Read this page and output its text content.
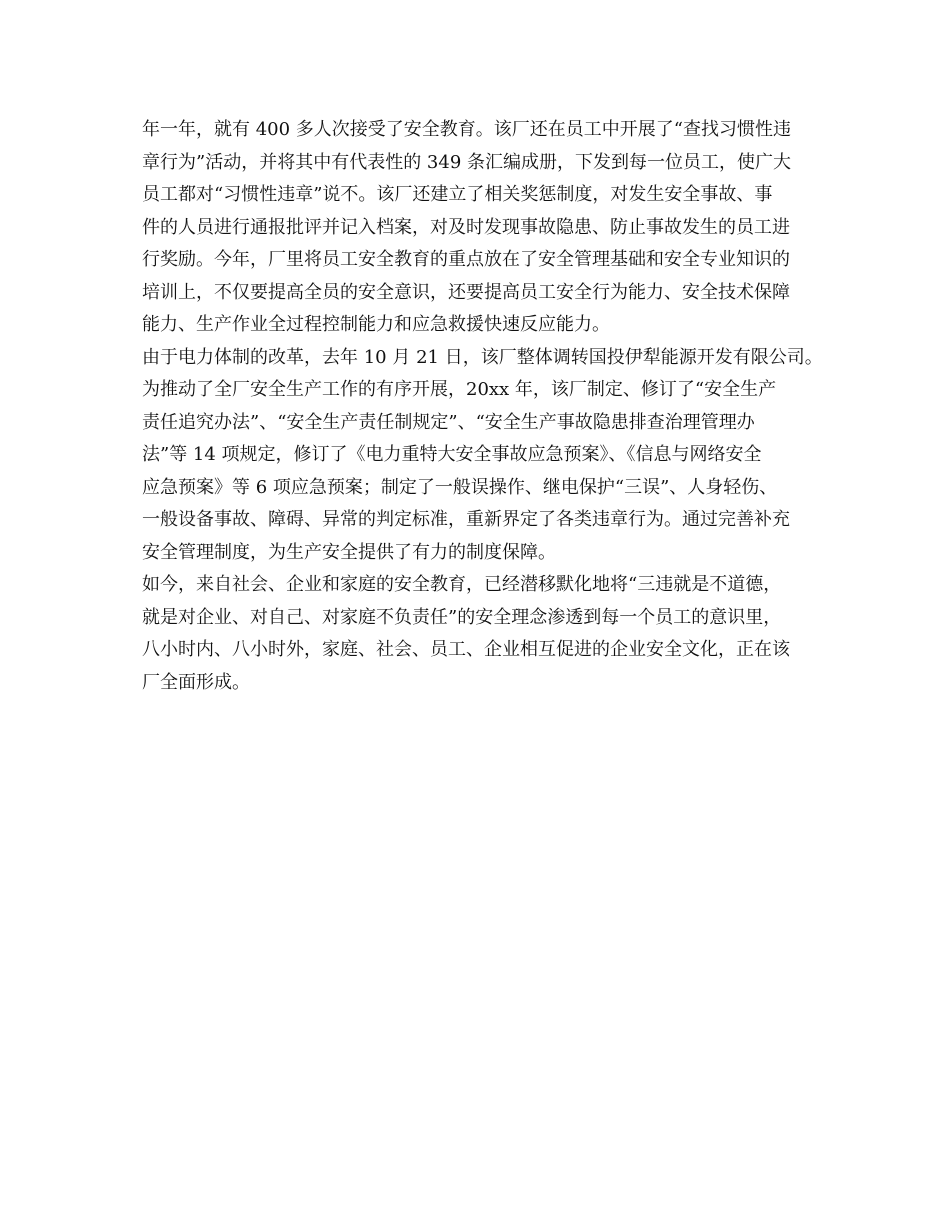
年一年，就有 400 多人次接受了安全教育。该厂还在员工中开展了“查找习惯性违
章行为”活动，并将其中有代表性的 349 条汇编成册，下发到每一位员工，使广大
员工都对“习惯性违章”说不。该厂还建立了相关奖惩制度，对发生安全事故、事
件的人员进行通报批评并记入档案，对及时发现事故隐患、防止事故发生的员工进
行奖励。今年，厂里将员工安全教育的重点放在了安全管理基础和安全专业知识的
培训上，不仅要提高全员的安全意识，还要提高员工安全行为能力、安全技术保障
能力、生产作业全过程控制能力和应急救援快速反应能力。
由于电力体制的改革，去年 10 月 21 日，该厂整体调转国投伊犁能源开发有限公司。
为推动了全厂安全生产工作的有序开展，20xx 年，该厂制定、修订了“安全生产
责任追究办法”、“安全生产责任制规定”、“安全生产事故隐患排查治理管理办
法”等 14 项规定，修订了《电力重特大安全事故应急预案》、《信息与网络安全
应急预案》等 6 项应急预案；制定了一般误操作、继电保护“三误”、人身轻伤、
一般设备事故、障碍、异常的判定标准，重新界定了各类违章行为。通过完善补充
安全管理制度，为生产安全提供了有力的制度保障。
如今，来自社会、企业和家庭的安全教育，已经潜移默化地将“三违就是不道德，
就是对企业、对自己、对家庭不负责任”的安全理念渗透到每一个员工的意识里，
八小时内、八小时外，家庭、社会、员工、企业相互促进的企业安全文化，正在该
厂全面形成。
